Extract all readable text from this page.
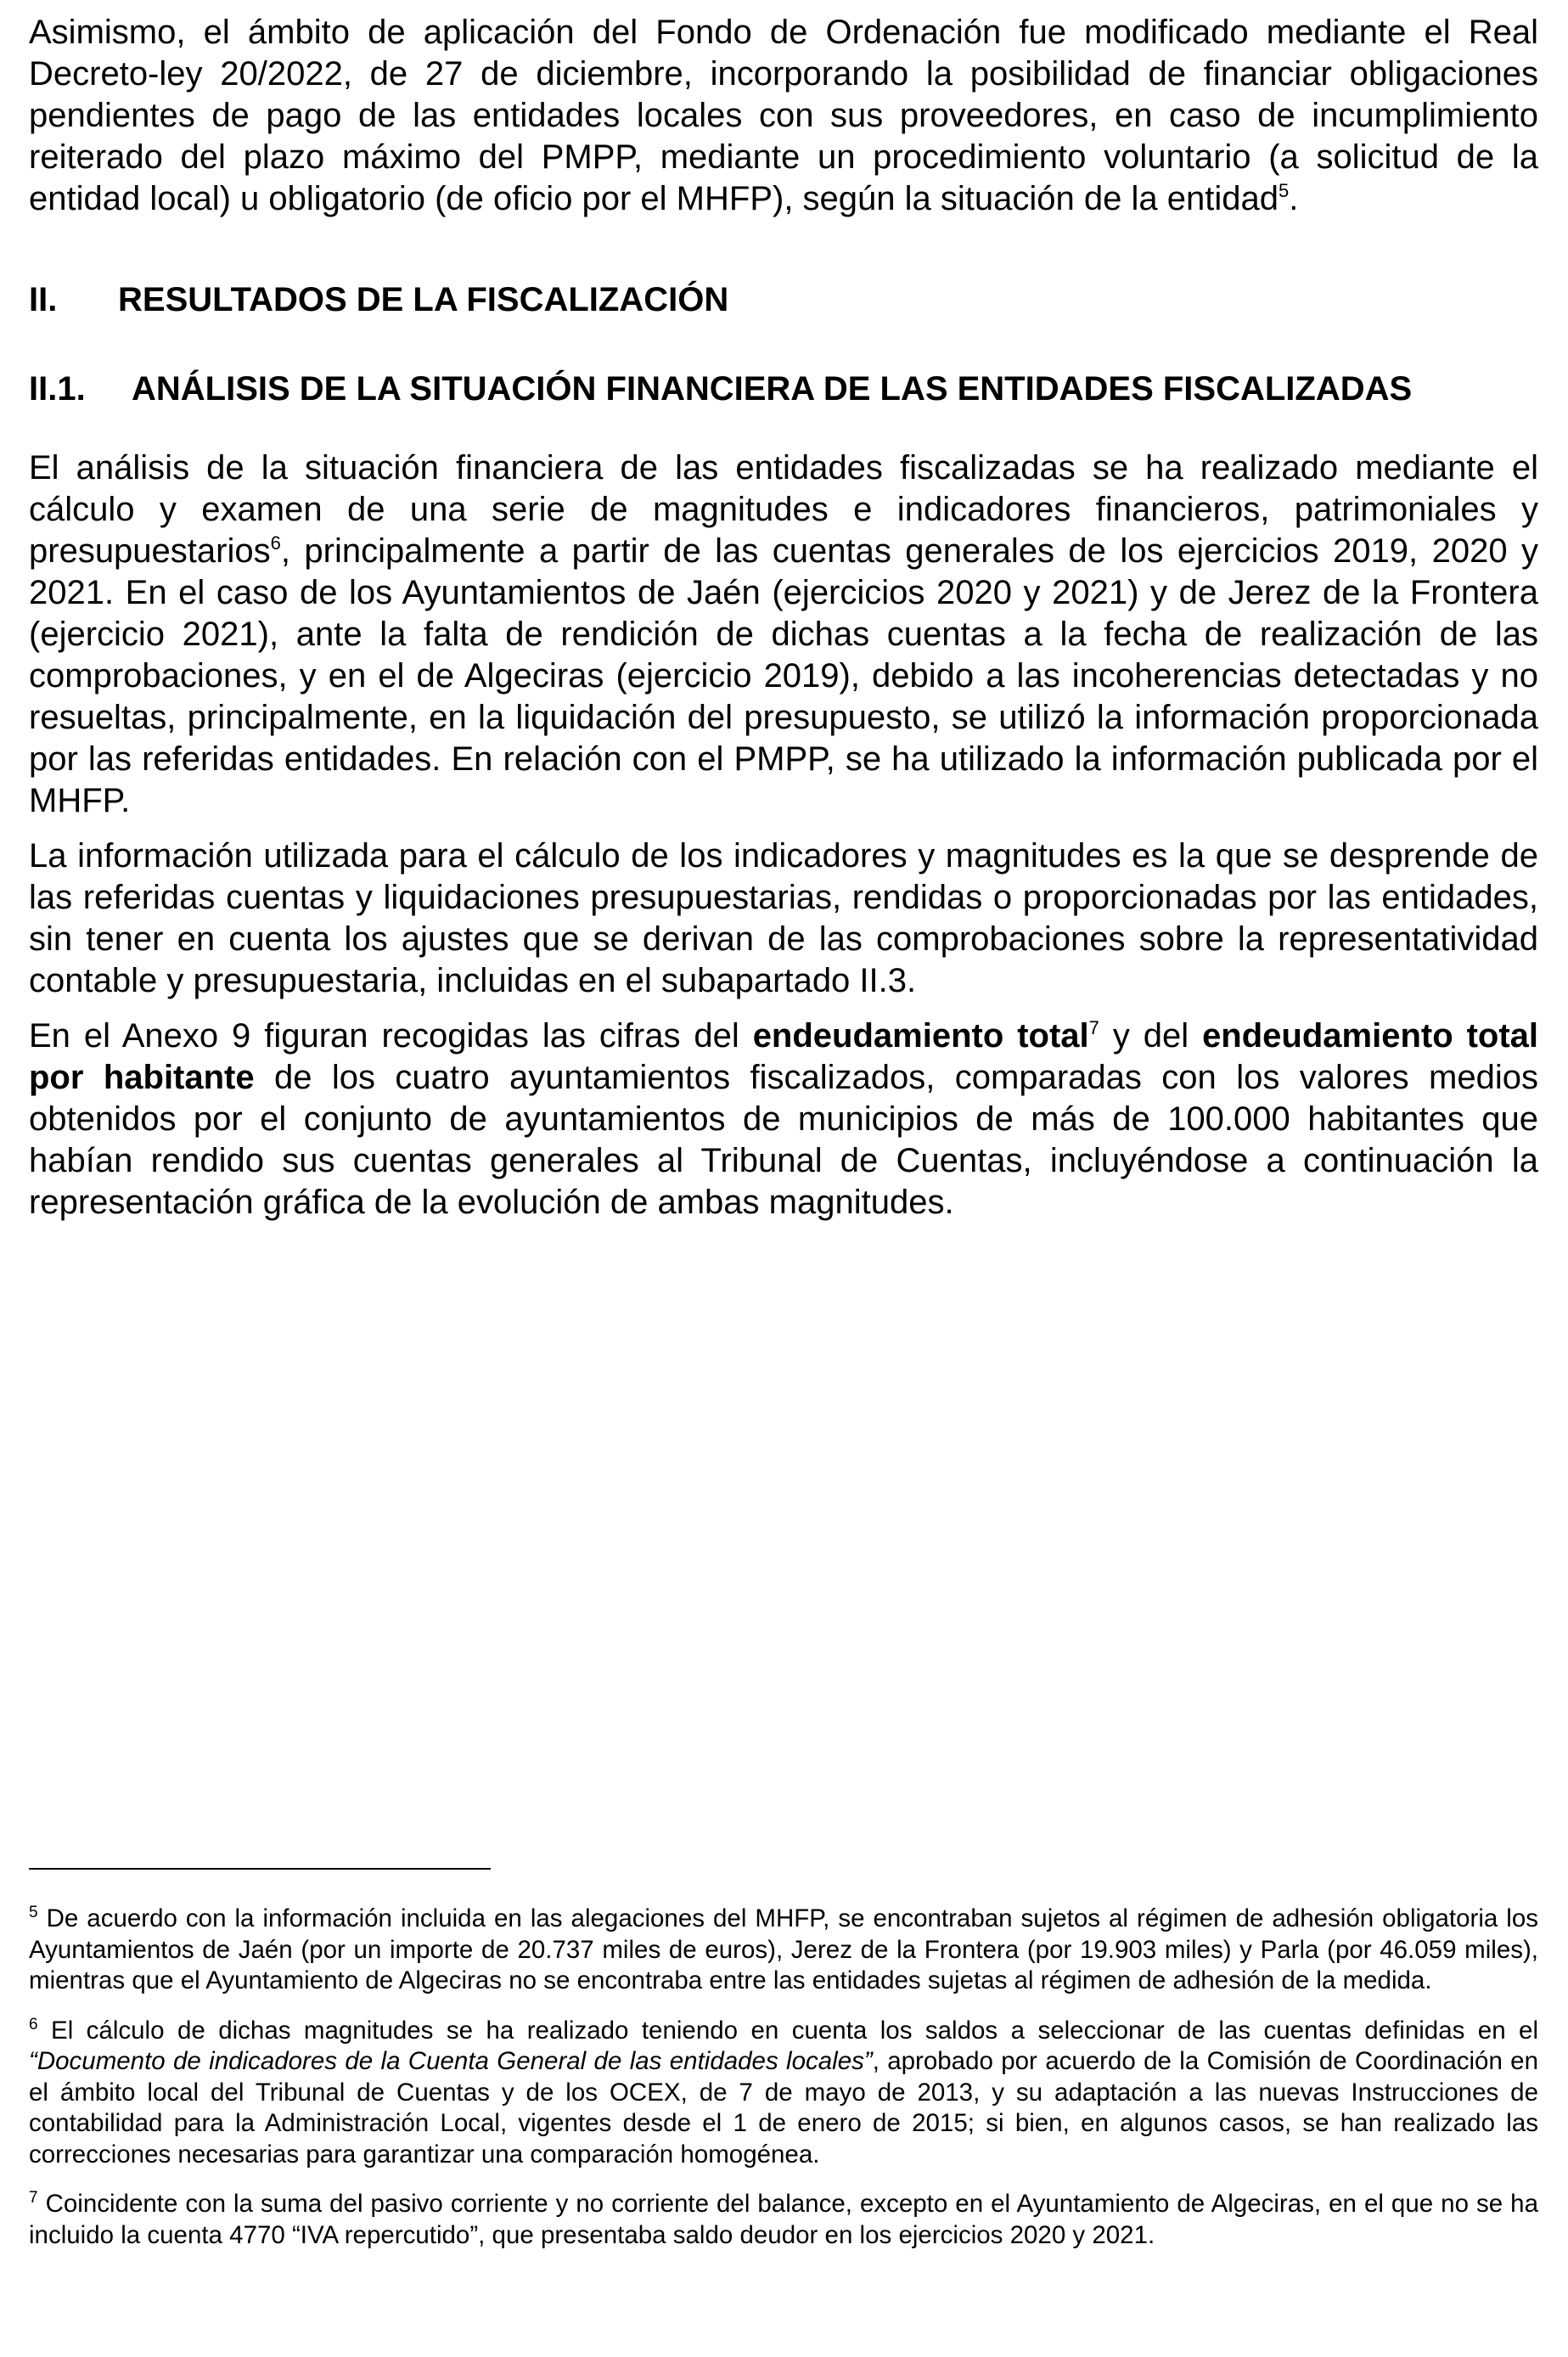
Asimismo, el ámbito de aplicación del Fondo de Ordenación fue modificado mediante el Real Decreto-ley 20/2022, de 27 de diciembre, incorporando la posibilidad de financiar obligaciones pendientes de pago de las entidades locales con sus proveedores, en caso de incumplimiento reiterado del plazo máximo del PMPP, mediante un procedimiento voluntario (a solicitud de la entidad local) u obligatorio (de oficio por el MHFP), según la situación de la entidad$^5$.

II.	RESULTADOS DE LA FISCALIZACIÓN
II.1.	ANÁLISIS DE LA SITUACIÓN FINANCIERA DE LAS ENTIDADES FISCALIZADAS

El análisis de la situación financiera de las entidades fiscalizadas se ha realizado mediante el cálculo y examen de una serie de magnitudes e indicadores financieros, patrimoniales y presupuestarios$^6$, principalmente a partir de las cuentas generales de los ejercicios 2019, 2020 y 2021. En el caso de los Ayuntamientos de Jaén (ejercicios 2020 y 2021) y de Jerez de la Frontera (ejercicio 2021), ante la falta de rendición de dichas cuentas a la fecha de realización de las comprobaciones, y en el de Algeciras (ejercicio 2019), debido a las incoherencias detectadas y no resueltas, principalmente, en la liquidación del presupuesto, se utilizó la información proporcionada por las referidas entidades. En relación con el PMPP, se ha utilizado la información publicada por el MHFP.

La información utilizada para el cálculo de los indicadores y magnitudes es la que se desprende de las referidas cuentas y liquidaciones presupuestarias, rendidas o proporcionadas por las entidades, sin tener en cuenta los ajustes que se derivan de las comprobaciones sobre la representatividad contable y presupuestaria, incluidas en el subapartado II.3.

En el Anexo 9 figuran recogidas las cifras del endeudamiento total$^7$ y del endeudamiento total por habitante de los cuatro ayuntamientos fiscalizados, comparadas con los valores medios obtenidos por el conjunto de ayuntamientos de municipios de más de 100.000 habitantes que habían rendido sus cuentas generales al Tribunal de Cuentas, incluyéndose a continuación la representación gráfica de la evolución de ambas magnitudes.

$^5$ De acuerdo con la información incluida en las alegaciones del MHFP, se encontraban sujetos al régimen de adhesión obligatoria los Ayuntamientos de Jaén (por un importe de 20.737 miles de euros), Jerez de la Frontera (por 19.903 miles) y Parla (por 46.059 miles), mientras que el Ayuntamiento de Algeciras no se encontraba entre las entidades sujetas al régimen de adhesión de la medida.

$^6$ El cálculo de dichas magnitudes se ha realizado teniendo en cuenta los saldos a seleccionar de las cuentas definidas en el “Documento de indicadores de la Cuenta General de las entidades locales”, aprobado por acuerdo de la Comisión de Coordinación en el ámbito local del Tribunal de Cuentas y de los OCEX, de 7 de mayo de 2013, y su adaptación a las nuevas Instrucciones de contabilidad para la Administración Local, vigentes desde el 1 de enero de 2015; si bien, en algunos casos, se han realizado las correcciones necesarias para garantizar una comparación homogénea.

$^7$ Coincidente con la suma del pasivo corriente y no corriente del balance, excepto en el Ayuntamiento de Algeciras, en el que no se ha incluido la cuenta 4770 “IVA repercutido”, que presentaba saldo deudor en los ejercicios 2020 y 2021.
